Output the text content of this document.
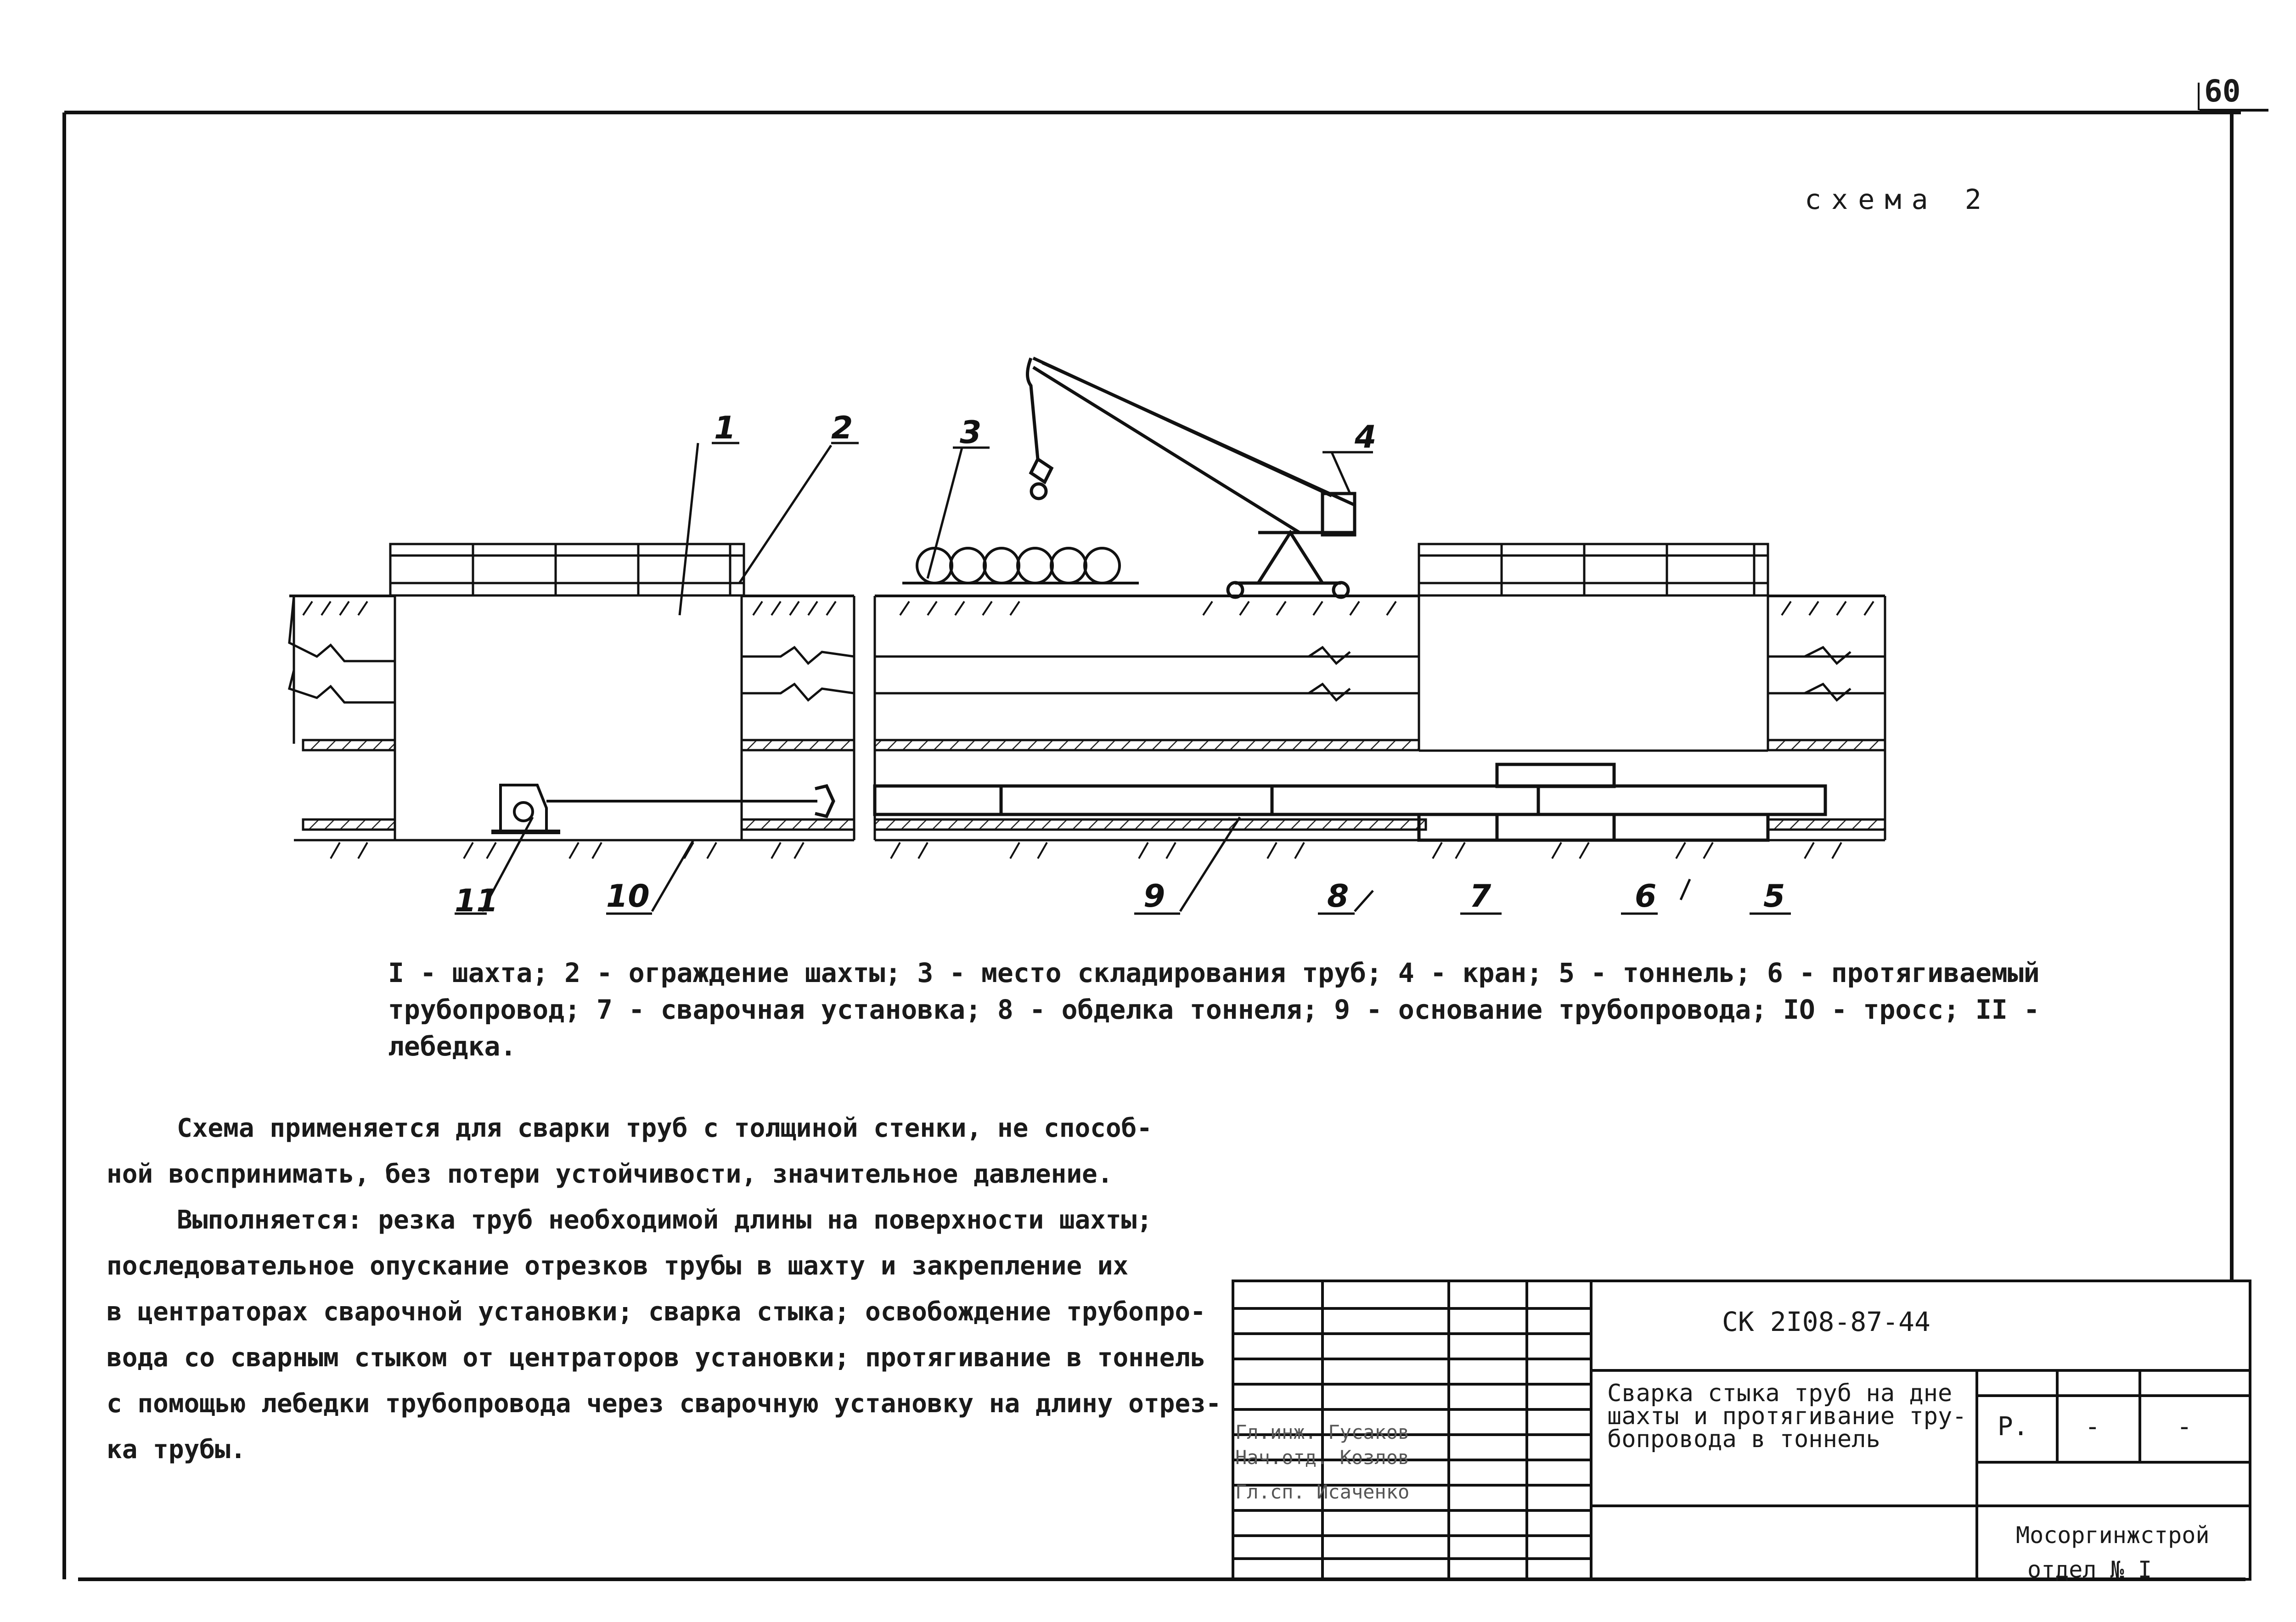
1	2	3	4
5
6
7
8
9
10
11
60
схема 2
I - шахта; 2 - ограждение шахты; 3 - место складирования труб; 4 - кран; 5 - тоннель; 6 - протягиваемый
трубопровод; 7 - сварочная установка; 8 - обделка тоннеля; 9 - основание трубопровода; IO - тросс; II -
лебедка.
Схема применяется для сварки труб с толщиной стенки, не способ-
ной воспринимать, без потери устойчивости, значительное давление.
Выполняется: резка труб необходимой длины на поверхности шахты;
последовательное опускание отрезков трубы в шахту и закрепление их
в центраторах сварочной установки; сварка стыка; освобождение трубопро-
вода со сварным стыком от центраторов установки; протягивание в тоннель
с помощью лебедки трубопровода через сварочную установку на длину отрез-
ка трубы.
СК 2I08-87-44
Сварка стыка труб на дне
шахты и протягивание тру-
бопровода в тоннель	Р. -	-
Мосоргинжстрой
отдел № I
Гл.инж. Гусаков
Нач.отд. Козлов
Гл.сп. Исаченко
